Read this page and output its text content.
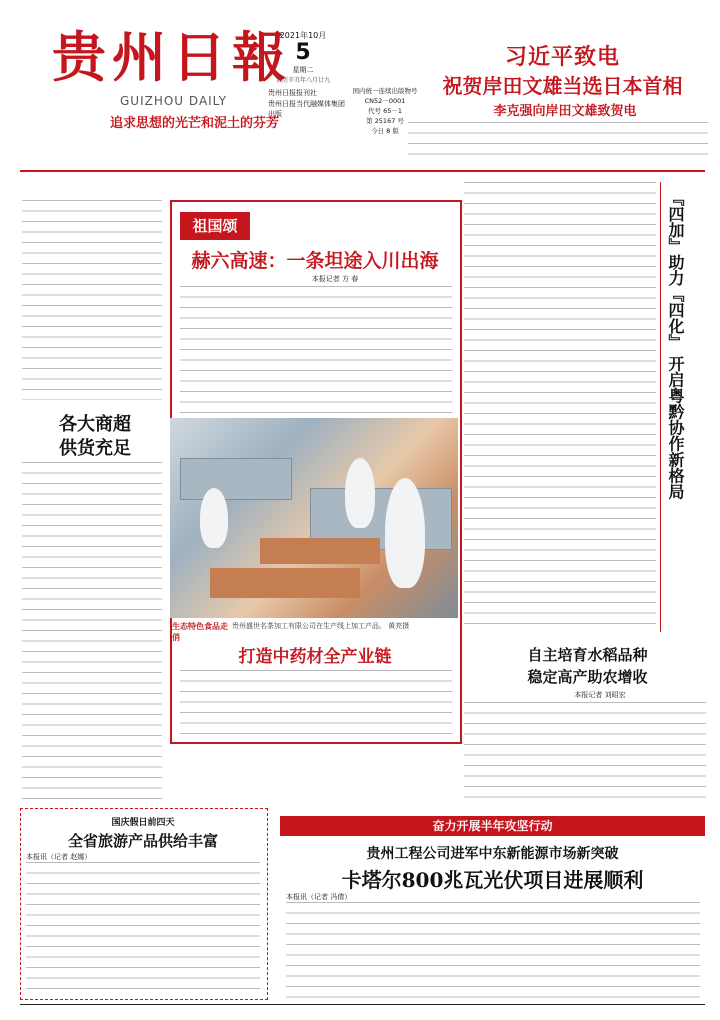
贵州日報
GUIZHOU DAILY
追求思想的光芒和泥土的芬芳
2021年10月
5
星期二
农历辛丑年八月廿九
贵州日报报刊社
贵州日报当代融媒体集团
出版
国内统一连续出版物号
CN52－0001
代号 65－1
第 25167 号
今日 8 版
习近平致电
祝贺岸田文雄当选日本首相
李克强向岸田文雄致贺电
祖国颂
赫六高速：一条坦途入川出海
本报记者 方 春
生态特色食品走俏
贵州盛世名茶加工有限公司在生产线上加工产品。 黄亮摄
打造中药材全产业链
各大商超
供货充足
国庆假日前四天
全省旅游产品供给丰富
本报讯（记者 赵娜）
『四加』助力『四化』 开启粤黔协作新格局
自主培育水稻品种
稳定高产助农增收
本报记者 刘昭宏
奋力开展半年攻坚行动
贵州工程公司进军中东新能源市场新突破
卡塔尔800兆瓦光伏项目进展顺利
本报讯（记者 冯倩）
